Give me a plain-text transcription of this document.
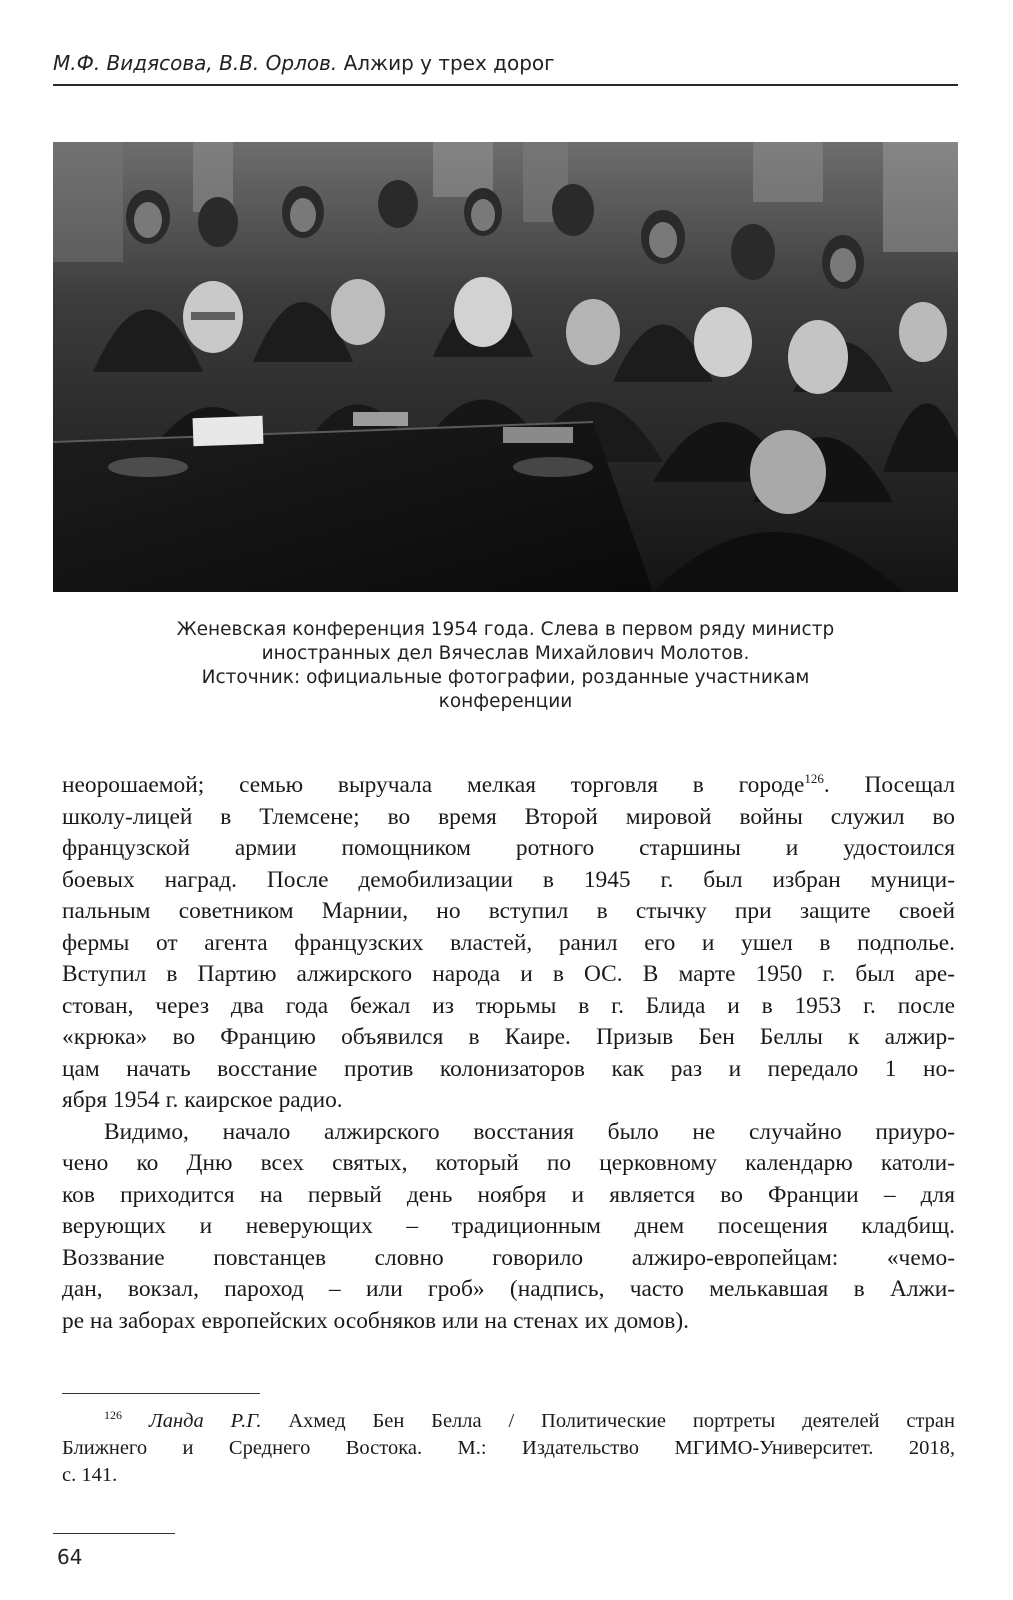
М.Ф. Видясова, В.В. Орлов. Алжир у трех дорог
Женевская конференция 1954 года. Слева в первом ряду министр
иностранных дел Вячеслав Михайлович Молотов.
Источник: официальные фотографии, розданные участникам
конференции
неорошаемой; семью выручала мелкая торговля в городе$^{126}$. Посещал
школу-лицей в Тлемсене; во время Второй мировой войны служил во
французской армии помощником ротного старшины и удостоился
боевых наград. После демобилизации в 1945 г. был избран муници-
пальным советником Марнии, но вступил в стычку при защите своей
фермы от агента французских властей, ранил его и ушел в подполье.
Вступил в Партию алжирского народа и в ОС. В марте 1950 г. был аре-
стован, через два года бежал из тюрьмы в г. Блида и в 1953 г. после
«крюка» во Францию объявился в Каире. Призыв Бен Беллы к алжир-
цам начать восстание против колонизаторов как раз и передало 1 но-
ября 1954 г. каирское радио.
Видимо, начало алжирского восстания было не случайно приуро-
чено ко Дню всех святых, который по церковному календарю католи-
ков приходится на первый день ноября и является во Франции – для
верующих и неверующих – традиционным днем посещения кладбищ.
Воззвание повстанцев словно говорило алжиро-европейцам: «чемо-
дан, вокзал, пароход – или гроб» (надпись, часто мелькавшая в Алжи-
ре на заборах европейских особняков или на стенах их домов).
$^{126}$ Ланда Р.Г. Ахмед Бен Белла / Политические портреты деятелей стран
Ближнего и Среднего Востока. М.: Издательство МГИМО-Университет. 2018,
с. 141.
64
